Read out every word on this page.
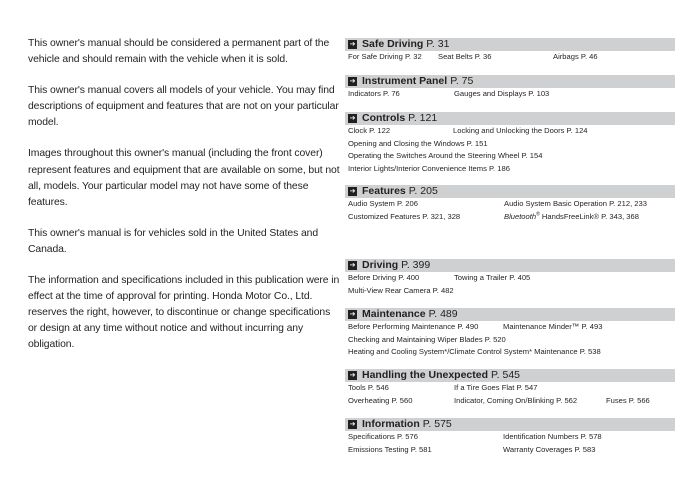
This owner's manual should be considered a permanent part of the vehicle and should remain with the vehicle when it is sold.

This owner's manual covers all models of your vehicle. You may find descriptions of equipment and features that are not on your particular model.

Images throughout this owner's manual (including the front cover) represent features and equipment that are available on some, but not all, models. Your particular model may not have some of these features.

This owner's manual is for vehicles sold in the United States and Canada.

The information and specifications included in this publication were in effect at the time of approval for printing. Honda Motor Co., Ltd. reserves the right, however, to discontinue or change specifications or design at any time without notice and without incurring any obligation.

➔ Safe Driving P. 31
For Safe Driving P. 32	Seat Belts P. 36	Airbags P. 46
➔ Instrument Panel P. 75
Indicators P. 76	Gauges and Displays P. 103
➔ Controls P. 121
Clock P. 122	Locking and Unlocking the Doors P. 124
Opening and Closing the Windows P. 151
Operating the Switches Around the Steering Wheel P. 154
Interior Lights/Interior Convenience Items P. 186
➔ Features P. 205
Audio System P. 206	Audio System Basic Operation P. 212, 233
Customized Features P. 321, 328	Bluetooth® HandsFreeLink® P. 343, 368
➔ Driving P. 399
Before Driving P. 400	Towing a Trailer P. 405
Multi-View Rear Camera P. 482
➔ Maintenance P. 489
Before Performing Maintenance P. 490	Maintenance Minder™ P. 493
Checking and Maintaining Wiper Blades P. 520
Heating and Cooling System*/Climate Control System* Maintenance P. 538
➔ Handling the Unexpected P. 545
Tools P. 546	If a Tire Goes Flat P. 547
Overheating P. 560	Indicator, Coming On/Blinking P. 562	Fuses P. 566
➔ Information P. 575
Specifications P. 576	Identification Numbers P. 578
Emissions Testing P. 581	Warranty Coverages P. 583
